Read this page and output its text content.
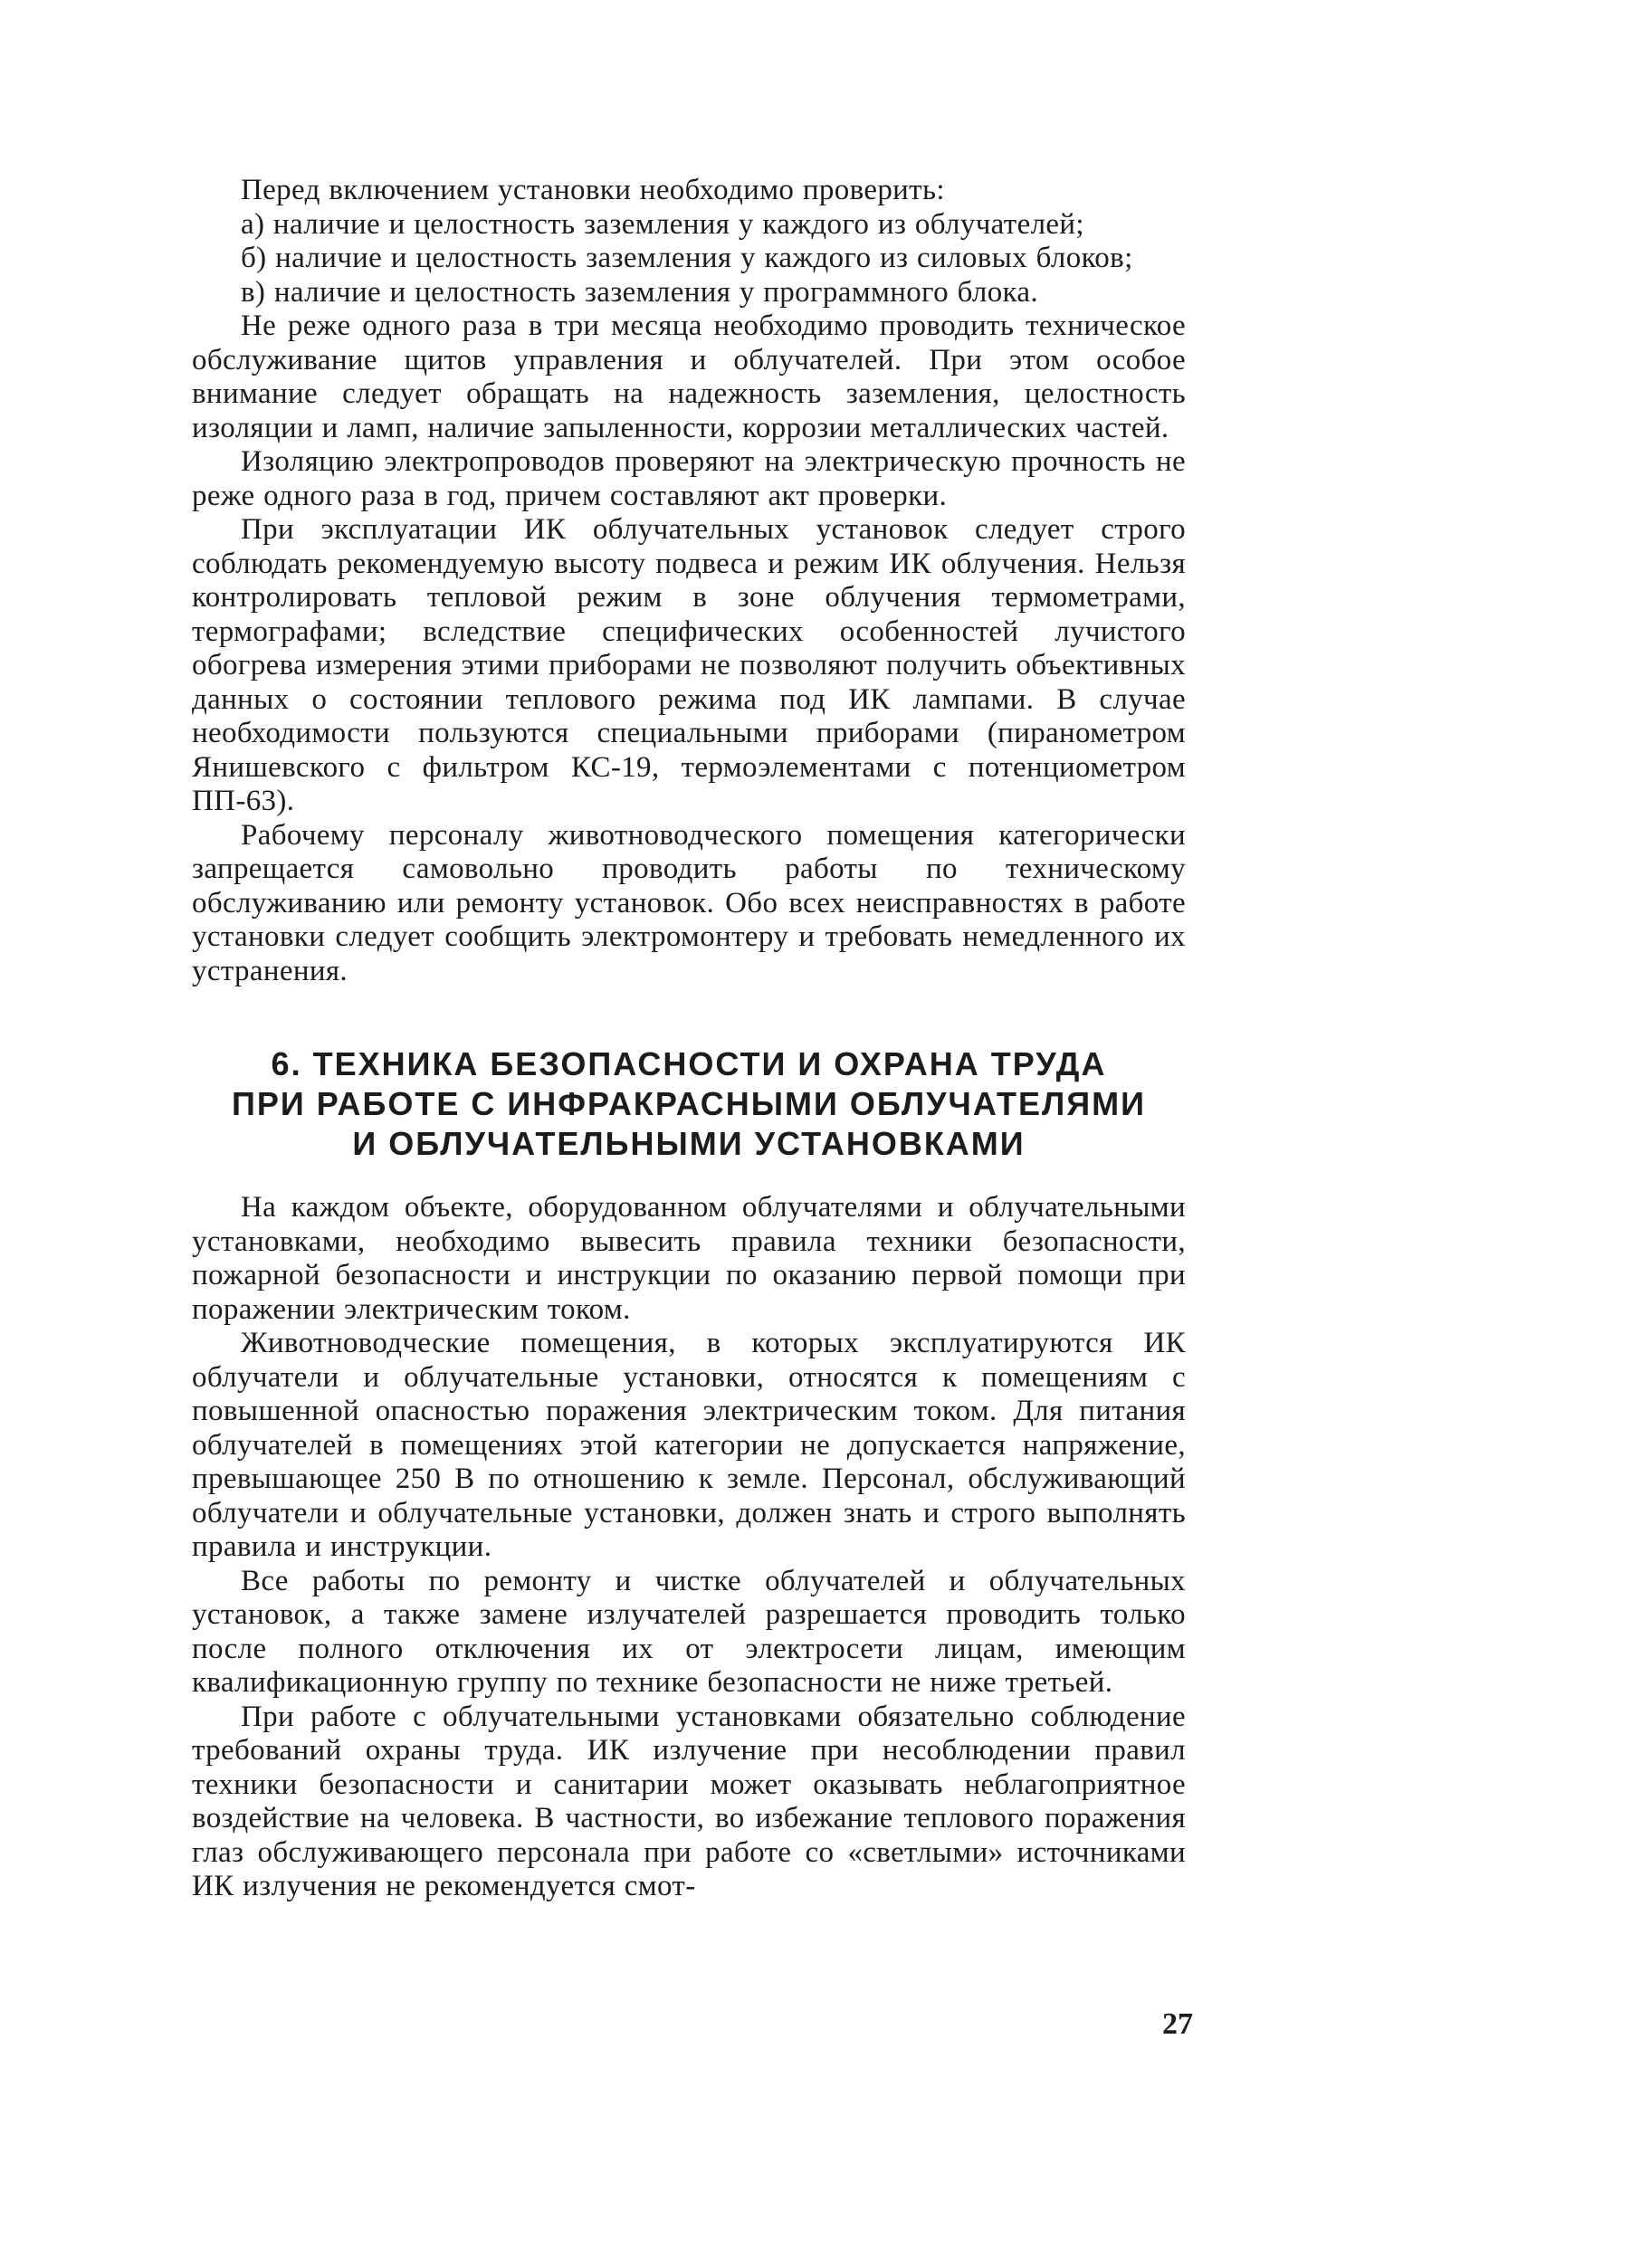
Перед включением установки необходимо проверить:

а) наличие и целостность заземления у каждого из облучателей;

б) наличие и целостность заземления у каждого из силовых блоков;

в) наличие и целостность заземления у программного блока.

Не реже одного раза в три месяца необходимо проводить техническое обслуживание щитов управления и облучателей. При этом особое внимание следует обращать на надежность заземления, целостность изоляции и ламп, наличие запыленности, коррозии металлических частей.

Изоляцию электропроводов проверяют на электрическую прочность не реже одного раза в год, причем составляют акт проверки.

При эксплуатации ИК облучательных установок следует строго соблюдать рекомендуемую высоту подвеса и режим ИК облучения. Нельзя контролировать тепловой режим в зоне облучения термометрами, термографами; вследствие специфических особенностей лучистого обогрева измерения этими приборами не позволяют получить объективных данных о состоянии теплового режима под ИК лампами. В случае необходимости пользуются специальными приборами (пиранометром Янишевского с фильтром КС-19, термоэлементами с потенциометром ПП-63).

Рабочему персоналу животноводческого помещения категорически запрещается самовольно проводить работы по техническому обслуживанию или ремонту установок. Обо всех неисправностях в работе установки следует сообщить электромонтеру и требовать немедленного их устранения.

6. ТЕХНИКА БЕЗОПАСНОСТИ И ОХРАНА ТРУДА

ПРИ РАБОТЕ С ИНФРАКРАСНЫМИ ОБЛУЧАТЕЛЯМИ

И ОБЛУЧАТЕЛЬНЫМИ УСТАНОВКАМИ

На каждом объекте, оборудованном облучателями и облучательными установками, необходимо вывесить правила техники безопасности, пожарной безопасности и инструкции по оказанию первой помощи при поражении электрическим током.

Животноводческие помещения, в которых эксплуатируются ИК облучатели и облучательные установки, относятся к помещениям с повышенной опасностью поражения электрическим током. Для питания облучателей в помещениях этой категории не допускается напряжение, превышающее 250 В по отношению к земле. Персонал, обслуживающий облучатели и облучательные установки, должен знать и строго выполнять правила и инструкции.

Все работы по ремонту и чистке облучателей и облучательных установок, а также замене излучателей разрешается проводить только после полного отключения их от электросети лицам, имеющим квалификационную группу по технике безопасности не ниже третьей.

При работе с облучательными установками обязательно соблюдение требований охраны труда. ИК излучение при несоблюдении правил техники безопасности и санитарии может оказывать неблагоприятное воздействие на человека. В частности, во избежание теплового поражения глаз обслуживающего персонала при работе со «светлыми» источниками ИК излучения не рекомендуется смот-

27
